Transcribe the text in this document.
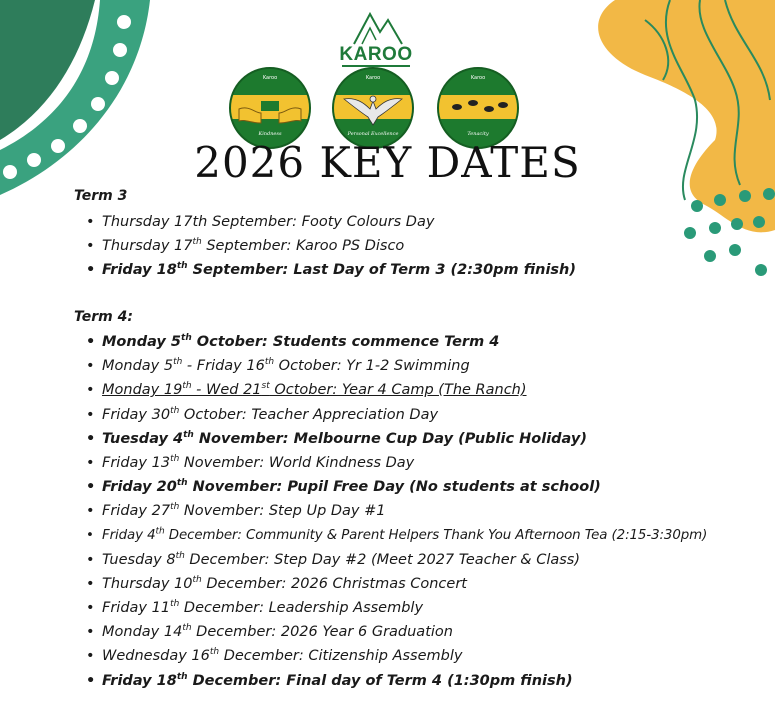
KAROO
Karoo
Kindness
Karoo
Personal Excellence
Karoo
Tenacity
2026 KEY DATES
Term 3
• Thursday 17th September: Footy Colours Day
• Thursday 17th September: Karoo PS Disco
• Friday 18th September: Last Day of Term 3 (2:30pm finish)
Term 4:
• Monday 5th October: Students commence Term 4
• Monday 5th - Friday 16th October: Yr 1-2 Swimming
• Monday 19th - Wed 21st October: Year 4 Camp (The Ranch)
• Friday 30th October: Teacher Appreciation Day
• Tuesday 4th November: Melbourne Cup Day (Public Holiday)
• Friday 13th November: World Kindness Day
• Friday 20th November: Pupil Free Day (No students at school)
• Friday 27th November: Step Up Day #1
• Friday 4th December: Community & Parent Helpers Thank You Afternoon Tea (2:15-3:30pm)
• Tuesday 8th December: Step Day #2 (Meet 2027 Teacher & Class)
• Thursday 10th December: 2026 Christmas Concert
• Friday 11th December: Leadership Assembly
• Monday 14th December: 2026 Year 6 Graduation
• Wednesday 16th December: Citizenship Assembly
• Friday 18th December: Final day of Term 4 (1:30pm finish)
